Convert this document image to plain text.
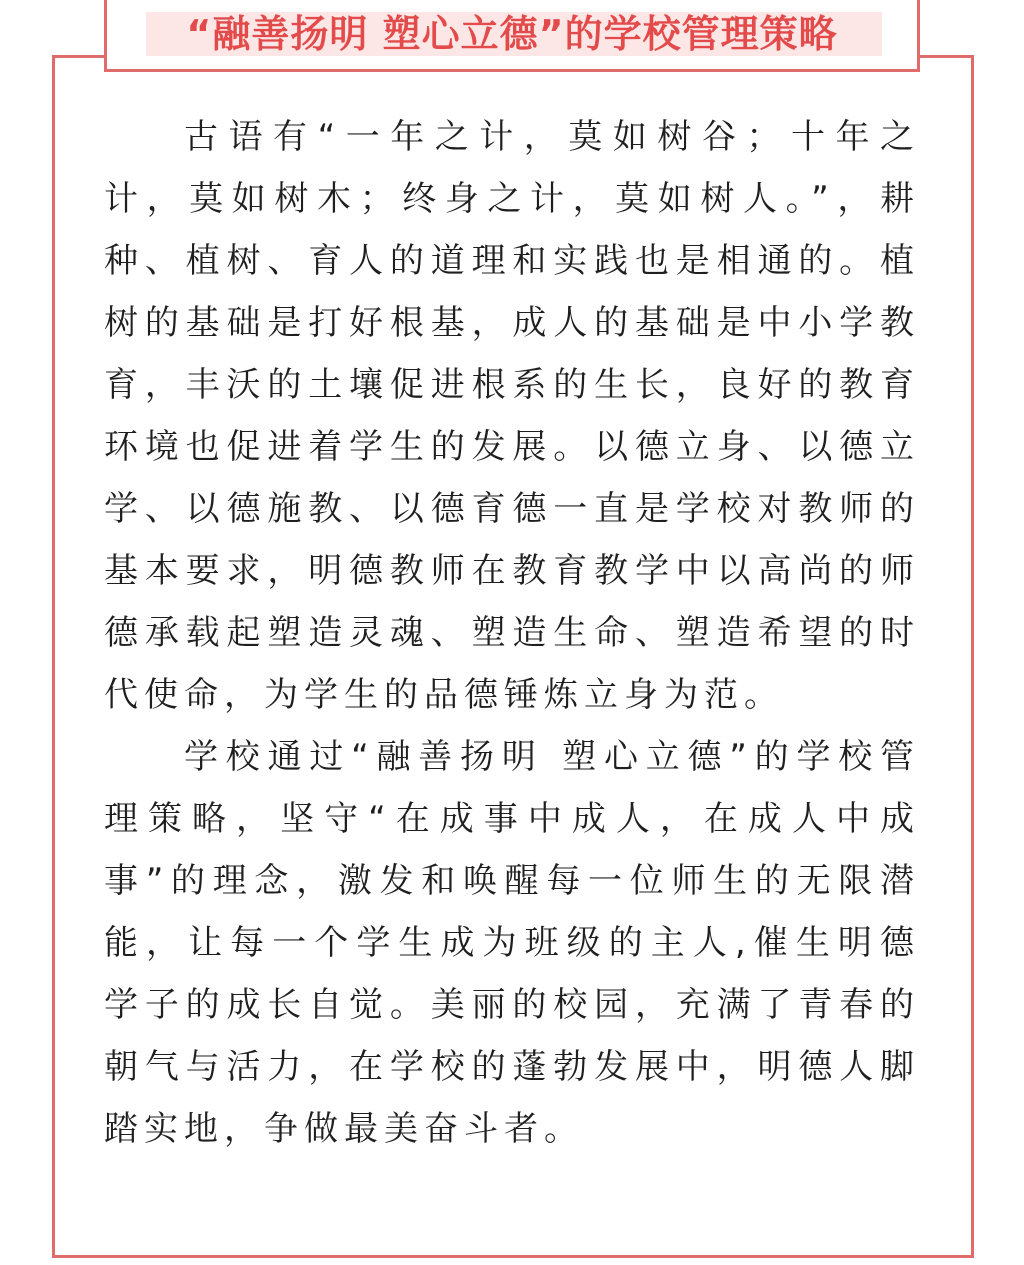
“融善扬明 塑心立德”的学校管理策略

古语有“一年之计，莫如树谷；十年之计，莫如树木；终身之计，莫如树人。”，耕种、植树、育人的道理和实践也是相通的。植树的基础是打好根基，成人的基础是中小学教育，丰沃的土壤促进根系的生长，良好的教育环境也促进着学生的发展。以德立身、以德立学、以德施教、以德育德一直是学校对教师的基本要求，明德教师在教育教学中以高尚的师德承载起塑造灵魂、塑造生命、塑造希望的时代使命，为学生的品德锤炼立身为范。

学校通过“融善扬明 塑心立德”的学校管理策略，坚守“在成事中成人，在成人中成事”的理念，激发和唤醒每一位师生的无限潜能，让每一个学生成为班级的主人,催生明德学子的成长自觉。美丽的校园，充满了青春的朝气与活力，在学校的蓬勃发展中，明德人脚踏实地，争做最美奋斗者。
